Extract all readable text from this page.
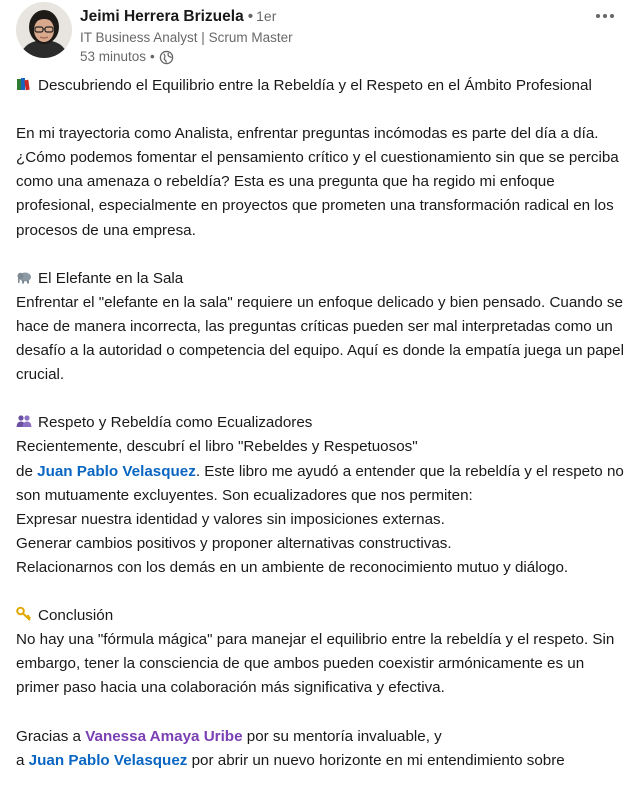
Jeimi Herrera Brizuela • 1er
IT Business Analyst | Scrum Master
53 minutos •

Descubriendo el Equilibrio entre la Rebeldía y el Respeto en el Ámbito Profesional

En mi trayectoria como Analista, enfrentar preguntas incómodas es parte del día a día. ¿Cómo podemos fomentar el pensamiento crítico y el cuestionamiento sin que se perciba como una amenaza o rebeldía? Esta es una pregunta que ha regido mi enfoque profesional, especialmente en proyectos que prometen una transformación radical en los procesos de una empresa.

El Elefante en la Sala

Enfrentar el "elefante en la sala" requiere un enfoque delicado y bien pensado. Cuando se hace de manera incorrecta, las preguntas críticas pueden ser mal interpretadas como un desafío a la autoridad o competencia del equipo. Aquí es donde la empatía juega un papel crucial.

Respeto y Rebeldía como Ecualizadores

Recientemente, descubrí el libro "Rebeldes y Respetuosos"

de Juan Pablo Velasquez. Este libro me ayudó a entender que la rebeldía y el respeto no son mutuamente excluyentes. Son ecualizadores que nos permiten:

Expresar nuestra identidad y valores sin imposiciones externas.

Generar cambios positivos y proponer alternativas constructivas.

Relacionarnos con los demás en un ambiente de reconocimiento mutuo y diálogo.

Conclusión

No hay una "fórmula mágica" para manejar el equilibrio entre la rebeldía y el respeto. Sin embargo, tener la consciencia de que ambos pueden coexistir armónicamente es un primer paso hacia una colaboración más significativa y efectiva.

Gracias a Vanessa Amaya Uribe por su mentoría invaluable, y

a Juan Pablo Velasquez por abrir un nuevo horizonte en mi entendimiento sobre
